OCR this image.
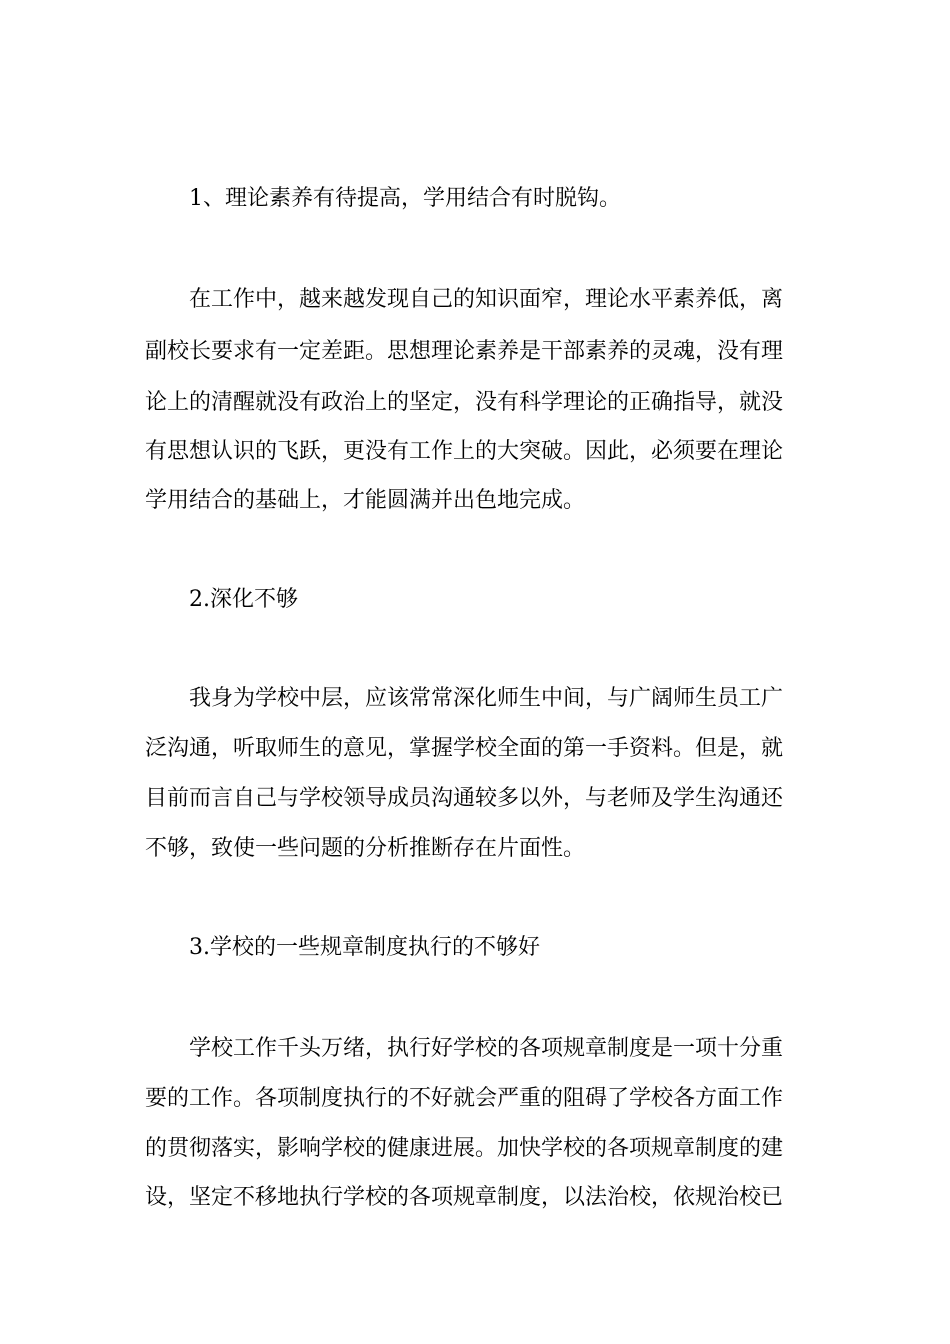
1、理论素养有待提高，学用结合有时脱钩。
在工作中，越来越发现自己的知识面窄，理论水平素养低，离
副校长要求有一定差距。思想理论素养是干部素养的灵魂，没有理
论上的清醒就没有政治上的坚定，没有科学理论的正确指导，就没
有思想认识的飞跃，更没有工作上的大突破。因此，必须要在理论
学用结合的基础上，才能圆满并出色地完成。
2.深化不够
我身为学校中层，应该常常深化师生中间，与广阔师生员工广
泛沟通，听取师生的意见，掌握学校全面的第一手资料。但是，就
目前而言自己与学校领导成员沟通较多以外，与老师及学生沟通还
不够，致使一些问题的分析推断存在片面性。
3.学校的一些规章制度执行的不够好
学校工作千头万绪，执行好学校的各项规章制度是一项十分重
要的工作。各项制度执行的不好就会严重的阻碍了学校各方面工作
的贯彻落实，影响学校的健康进展。加快学校的各项规章制度的建
设，坚定不移地执行学校的各项规章制度，以法治校，依规治校已
